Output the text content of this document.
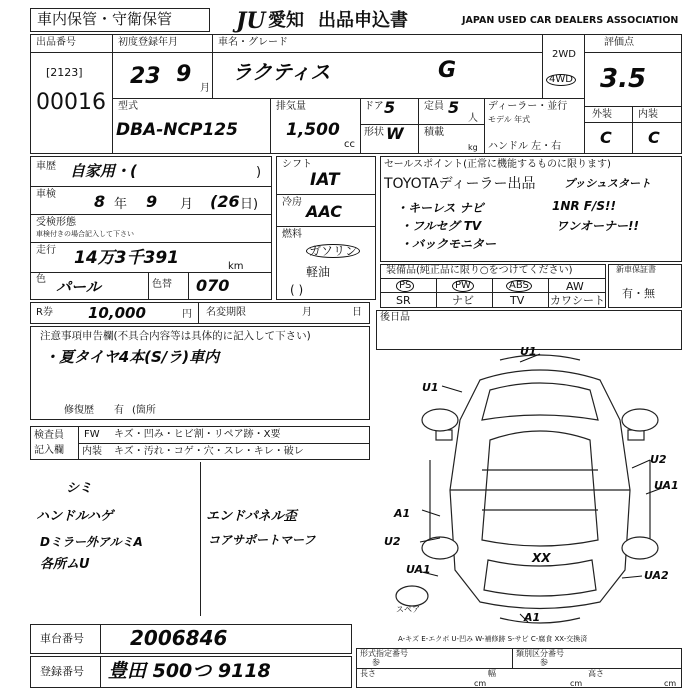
車内保管・守衛保管	JU 愛知 出品申込書	JAPAN USED CAR DEALERS ASSOCIATION
出品番号
[2123]
00016
初度登録年月
23 9
月
車名・グレード
ラクティス	G
2WD
4WD
評価点
3.5
外装	内装
C C
型式
DBA-NCP125
排気量
1,500
cc
ドア 5	定員 5
人
形状 W 積載
kg
ディーラー・並行
モデル 年式
ハンドル 左・右
車歴 自家用・(	)
車検 8 年 9 月 (26 日)
受検形態
車検付きの場合記入して下さい
走行 14万3千391	km
色 パール	色替 070
シフト
IAT
冷房 AAC
燃料
ガソリン
軽油
( )
セールスポイント(正常に機能するものに限ります)
TOYOTAディーラー出品	プッシュスタート
・キーレス ナビ
・フルセグ TV
・バックモニター
1NR F/S!!
ワンオーナー!!
装備品(純正品に限り○をつけてください)
PS	PW	ABS	AW
SR	ナビ	TV カワシート
新車保証書
有・無
R券 10,000	円 名変期限	月	日
注意事項申告欄(不具合内容等は具体的に記入して下さい)
・夏タイヤ4本(S/ラ)車内
修復歴 有 (箇所
後日品
検査員
記入欄
FW キズ・凹み・ヒビ割・リペア跡・X要
内装 キズ・汚れ・コゲ・穴・スレ・キレ・破レ
シミ
ハンドルハゲ
Dミラー外アルミA
各所ムU
エンドパネル歪
コアサポートマーフ
U1
U1
U2
UA1
A1
U2
UA1
XX
UA2
A1
スペア
A-キズ E-エクボ U-凹み W-補修跡 S-サビ C-腐食 XX-交換済
車台番号 2006846
登録番号 豊田 500つ 9118
形式指定番号
参
類別区分番号
参
長さ
cm
幅
cm
高さ
cm
